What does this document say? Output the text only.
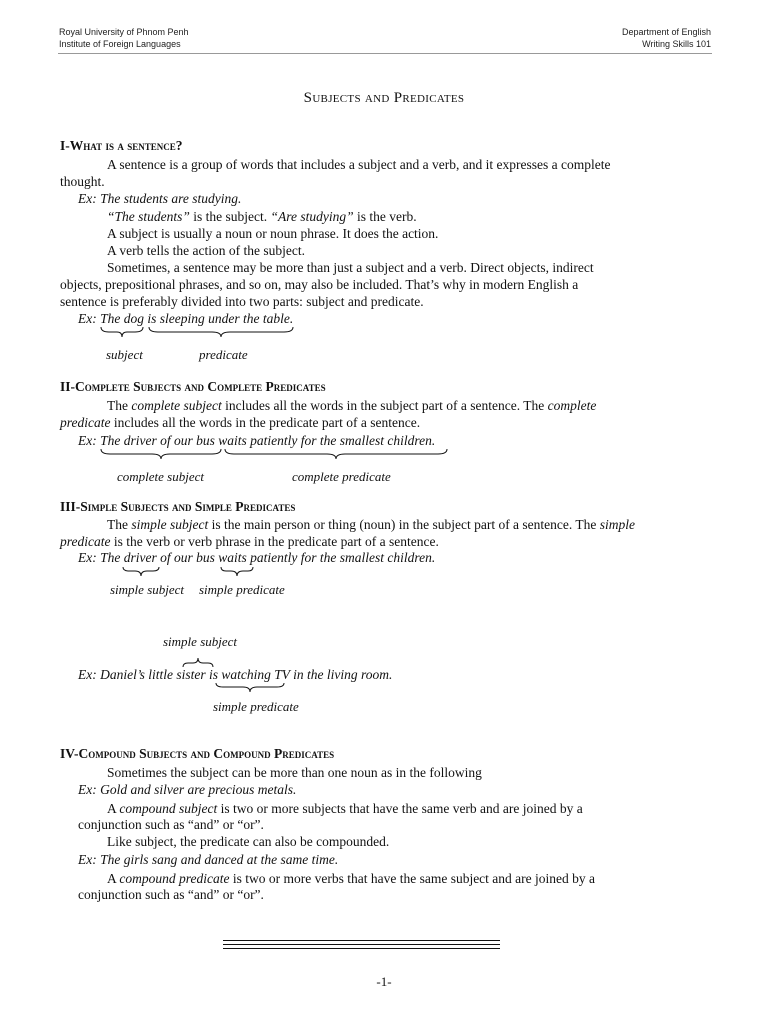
Royal University of Phnom Penh
Institute of Foreign Languages
Department of English
Writing Skills 101
Subjects and Predicates
I-What is a sentence?
A sentence is a group of words that includes a subject and a verb, and it expresses a complete
thought.
Ex: The students are studying.
“The students” is the subject. “Are studying” is the verb.
A subject is usually a noun or noun phrase. It does the action.
A verb tells the action of the subject.
Sometimes, a sentence may be more than just a subject and a verb. Direct objects, indirect
objects, prepositional phrases, and so on, may also be included. That’s why in modern English a
sentence is preferably divided into two parts: subject and predicate.
Ex: The dog is sleeping under the table.
subject	predicate
II-Complete Subjects and Complete Predicates
The complete subject includes all the words in the subject part of a sentence. The complete
predicate includes all the words in the predicate part of a sentence.
Ex: The driver of our bus waits patiently for the smallest children.
complete subject	complete predicate
III-Simple Subjects and Simple Predicates
The simple subject is the main person or thing (noun) in the subject part of a sentence. The simple
predicate is the verb or verb phrase in the predicate part of a sentence.
Ex: The driver of our bus waits patiently for the smallest children.
simple subject simple predicate
simple subject
Ex: Daniel’s little sister is watching TV in the living room.
simple predicate
IV-Compound Subjects and Compound Predicates
Sometimes the subject can be more than one noun as in the following
Ex: Gold and silver are precious metals.
A compound subject is two or more subjects that have the same verb and are joined by a
conjunction such as “and” or “or”.
Like subject, the predicate can also be compounded.
Ex: The girls sang and danced at the same time.
A compound predicate is two or more verbs that have the same subject and are joined by a
conjunction such as “and” or “or”.
-1-
